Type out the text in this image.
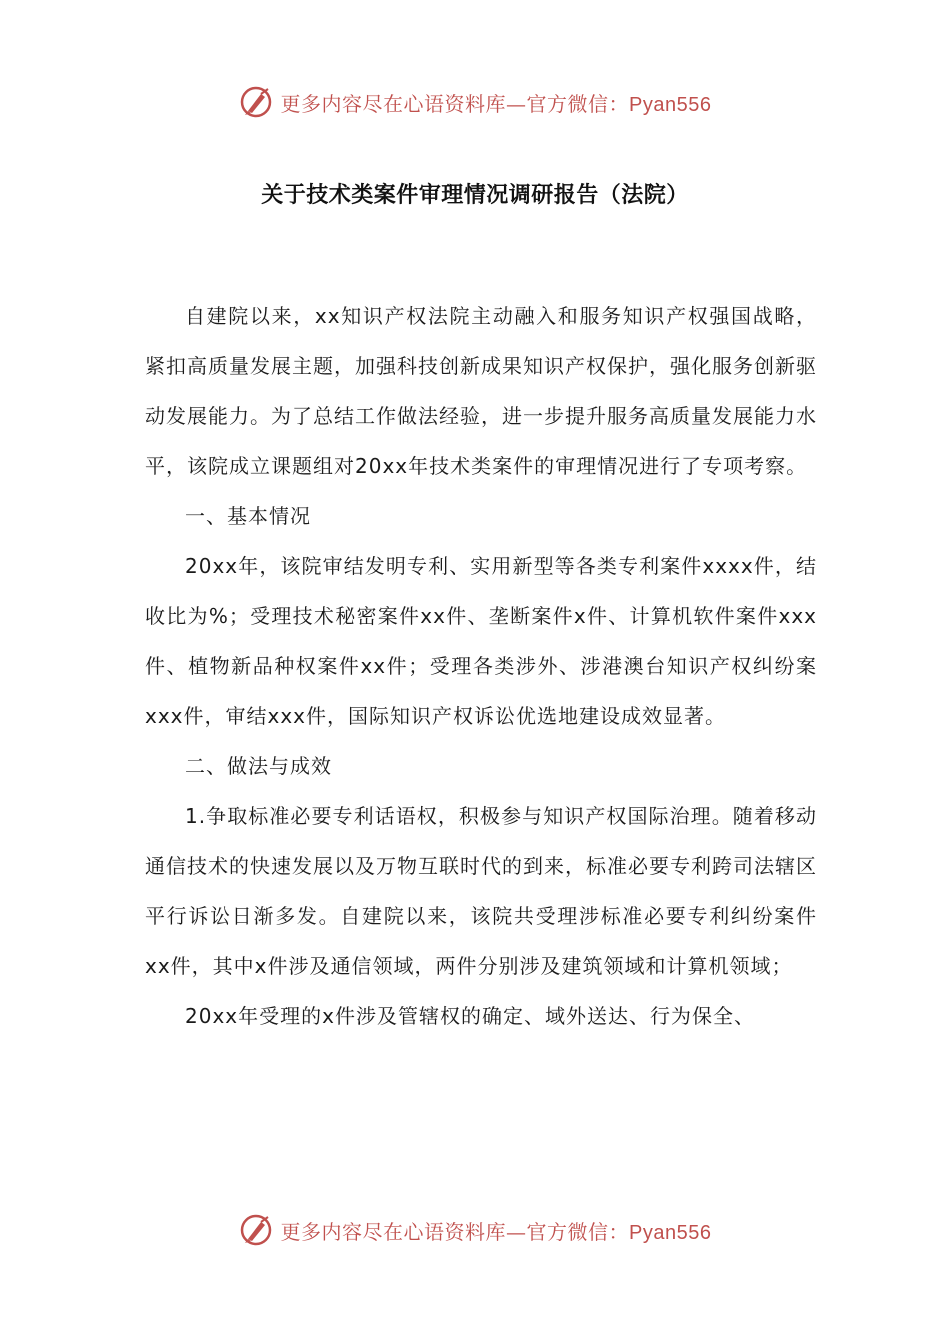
更多内容尽在心语资料库—官方微信：Pyan556
关于技术类案件审理情况调研报告（法院）

自建院以来，xx知识产权法院主动融入和服务知识产权强国战略，紧扣高质量发展主题，加强科技创新成果知识产权保护，强化服务创新驱动发展能力。为了总结工作做法经验，进一步提升服务高质量发展能力水平，该院成立课题组对20xx年技术类案件的审理情况进行了专项考察。

一、基本情况

20xx年，该院审结发明专利、实用新型等各类专利案件xxxx件，结收比为%；受理技术秘密案件xx件、垄断案件x件、计算机软件案件xxx件、植物新品种权案件xx件；受理各类涉外、涉港澳台知识产权纠纷案xxx件，审结xxx件，国际知识产权诉讼优选地建设成效显著。

二、做法与成效

1.争取标准必要专利话语权，积极参与知识产权国际治理。随着移动通信技术的快速发展以及万物互联时代的到来，标准必要专利跨司法辖区平行诉讼日渐多发。自建院以来，该院共受理涉标准必要专利纠纷案件xx件，其中x件涉及通信领域，两件分别涉及建筑领域和计算机领域；

20xx年受理的x件涉及管辖权的确定、域外送达、行为保全、

更多内容尽在心语资料库—官方微信：Pyan556
